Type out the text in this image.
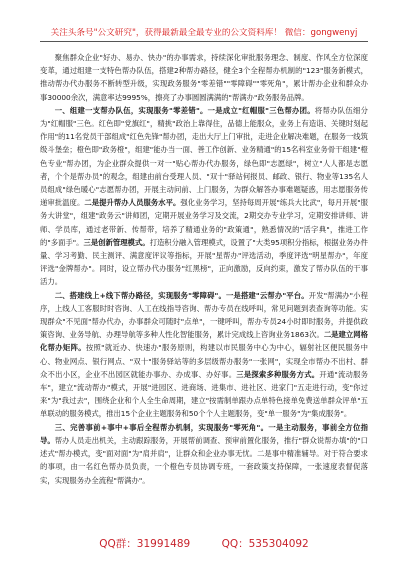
关注头条号"公文研究"，获得最新最全最专业的公文资料库！ 微信：gongwenyj

聚焦群众企业"好办、易办、快办"的办事需求，持续深化审批服务理念、制度、作风全方位深度变革，通过组建一支特色帮办队伍，搭建2种帮办路径，健全3个全程帮办机制的"123"服务新模式，推动帮办代办服务不断转型升级，实现政务服务"零差错""零障碍""零死角"，累计帮办企业和群众办事30000余次，满意率达9995%，擦亮了办事圆圆满满的"帮满办"政务服务品牌。

一、组建一支帮办队伍，实现服务"零差错"。一是成立"红帽服"三色帮办团。将帮办队伍细分为"红帽服"三色。红色即"党旗红"，精挑"政治上靠得住，品德上能服众，业务上有造诣、关键时刻起作用"的11名党员干部组成"红色先锋"帮办团，走出大厅上门审批，走进企业解决难题，在服务一线筑级斗堡垒；橙色即"政务橙"，组建"能办当一面、善工作创新、业务精通"的15名科室业务骨干组建"橙色专业"帮办团，为企业群众提供一对一"贴心帮办代办服务，绿色即"志愿绿"，树立"人人都是志愿者，个个是帮办员"的观念，组建由前台受理人员、"双十"驿站何报员、邮政、银行、物业等135名人员组成"绿色暖心"志愿帮办团，开展主动问前、上门服务，为群众解答办事难题疑惑，用志愿服务传递审批温度。二是提升帮办人员服务水平。强化业务学习，坚持每周开展"练兵大比武"，每月开展"服务大讲堂"，组建"政务云"讲师团，定期开展业务学习及交流，2期交办专业学习，定期安排讲师、讲师、学员库，通过老带新、传帮带，培养了精通业务的"政策通"，熟悉情况的"活字典"，推进工作的"多面手"。三是创新管理模式。打造积分融入管理模式，设置了"大类95项积分指标，根据业务办件量、学习考勤、民主测评、满意度评议等指标，开展"星帮办"评选活动，季度评选"明星帮办"，年度评选"金牌帮办"。同时，设立帮办代办服务"红黑榜"，正向激励，反向约束，激发了帮办队伍的干事活力。

二、搭建线上+线下帮办路径，实现服务"零障碍"。一是搭建"云帮办"平台。开发"帮满办"小程序，上线人工客服时时咨询、人工在线指导咨询、帮办专员在线呼叫，常见问题到表查询等功能。实现群众"不见面"帮办代办，办事群众可随时"点单"，一键呼叫，帮办专员24小时即时服务，并提供政策咨询、业务导航、办理导航等多种人性化智能服务，累计完成线上咨询业务1863次。二是建立网格化帮办矩阵。按照"就近办、快速办"服务原则，构建以市民服务中心为中心，辐射社区便民服务中心、物业网点、银行网点、"双十"服务驿站等的多层级帮办服务"一张网"，实现全市帮办不出村、群众不出小区，企业不出园区就能办事办、办成事、办好事。三是探索多种服务方式。开通"流动服务车"，建立"流动帮办"模式，开展"进园区、进商场、进集市、进社区、进家门"五走进行动，变"你过来"为"我过去"，围绕企业和个人全生命周期，建立"按需制单跟办点单特色接单免费送单群众评单"五单联动的服务模式，推出15个企业主题服务和50个个人主题服务，变"单一服务"为"集成服务"。

三、完善事前+事中+事后全程帮办机制，实现服务"零死角"。一是主动服务，事前全方位指导。帮办人员走出机关，主动跟踪服务，开展帮前调查、预审前置化服务，推行"群众说帮办填"的"口述式"帮办模式，变"面对面"为"肩并肩"，让群众和企业办事无忧。二是事中精准辅导。对于符合要求的事项，由一名红色帮办员负责，一个橙色专员协调专班，一套政策支持保障，一张速度表督促落实，实现服务办全流程"帮满办"。

QQ群：31991489	QQ：535304092
